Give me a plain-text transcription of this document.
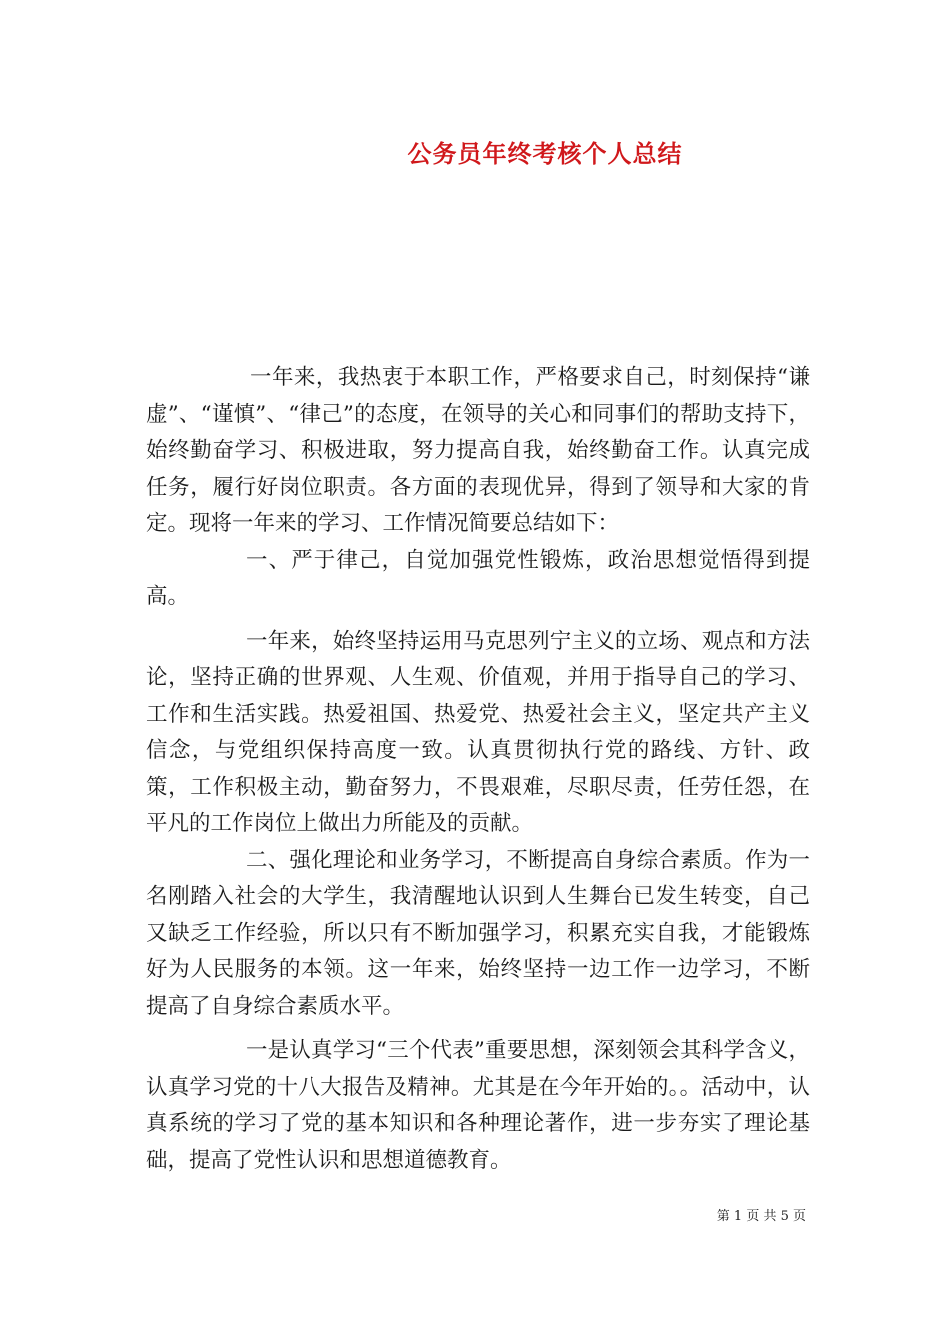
公务员年终考核个人总结

一年来，我热衷于本职工作，严格要求自己，时刻保持“谦虚”、“谨慎”、“律己”的态度，在领导的关心和同事们的帮助支持下，始终勤奋学习、积极进取，努力提高自我，始终勤奋工作。认真完成任务，履行好岗位职责。各方面的表现优异，得到了领导和大家的肯定。现将一年来的学习、工作情况简要总结如下：

一、严于律己，自觉加强党性锻炼，政治思想觉悟得到提高。

一年来，始终坚持运用马克思列宁主义的立场、观点和方法论，坚持正确的世界观、人生观、价值观，并用于指导自己的学习、工作和生活实践。热爱祖国、热爱党、热爱社会主义，坚定共产主义信念，与党组织保持高度一致。认真贯彻执行党的路线、方针、政策，工作积极主动，勤奋努力，不畏艰难，尽职尽责，任劳任怨，在平凡的工作岗位上做出力所能及的贡献。

二、强化理论和业务学习，不断提高自身综合素质。作为一名刚踏入社会的大学生，我清醒地认识到人生舞台已发生转变，自己又缺乏工作经验，所以只有不断加强学习，积累充实自我，才能锻炼好为人民服务的本领。这一年来，始终坚持一边工作一边学习，不断提高了自身综合素质水平。

一是认真学习“三个代表”重要思想，深刻领会其科学含义，认真学习党的十八大报告及精神。尤其是在今年开始的。。活动中，认真系统的学习了党的基本知识和各种理论著作，进一步夯实了理论基础，提高了党性认识和思想道德教育。

第 1 页 共 5 页
